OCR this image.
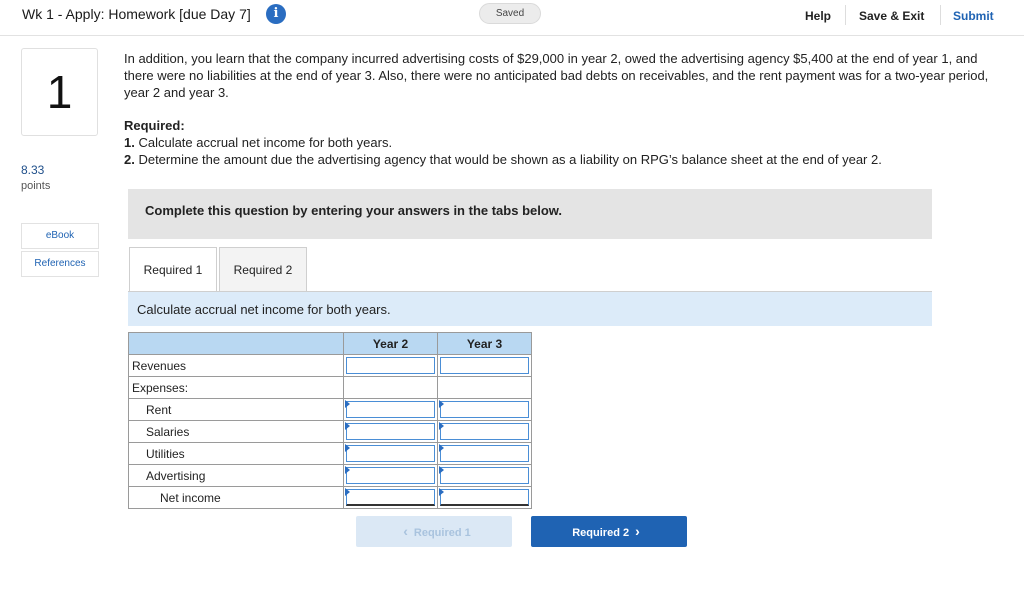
Wk 1 - Apply: Homework [due Day 7]	i	Saved	Help Save & Exit Submit
1
8.33
points
eBook
References
In addition, you learn that the company incurred advertising costs of $29,000 in year 2, owed the advertising agency $5,400 at the end of year 1, and there were no liabilities at the end of year 3. Also, there were no anticipated bad debts on receivables, and the rent payment was for a two-year period, year 2 and year 3.
Required:
1. Calculate accrual net income for both years.
2. Determine the amount due the advertising agency that would be shown as a liability on RPG’s balance sheet at the end of year 2.
Complete this question by entering your answers in the tabs below.
Required 1	Required 2
Calculate accrual net income for both years.
	Year 2	Year 3
Revenues	

Expenses:		
Rent	

Salaries	

Utilities	

Advertising	

Net income	

‹ Required 1	Required 2 ›
